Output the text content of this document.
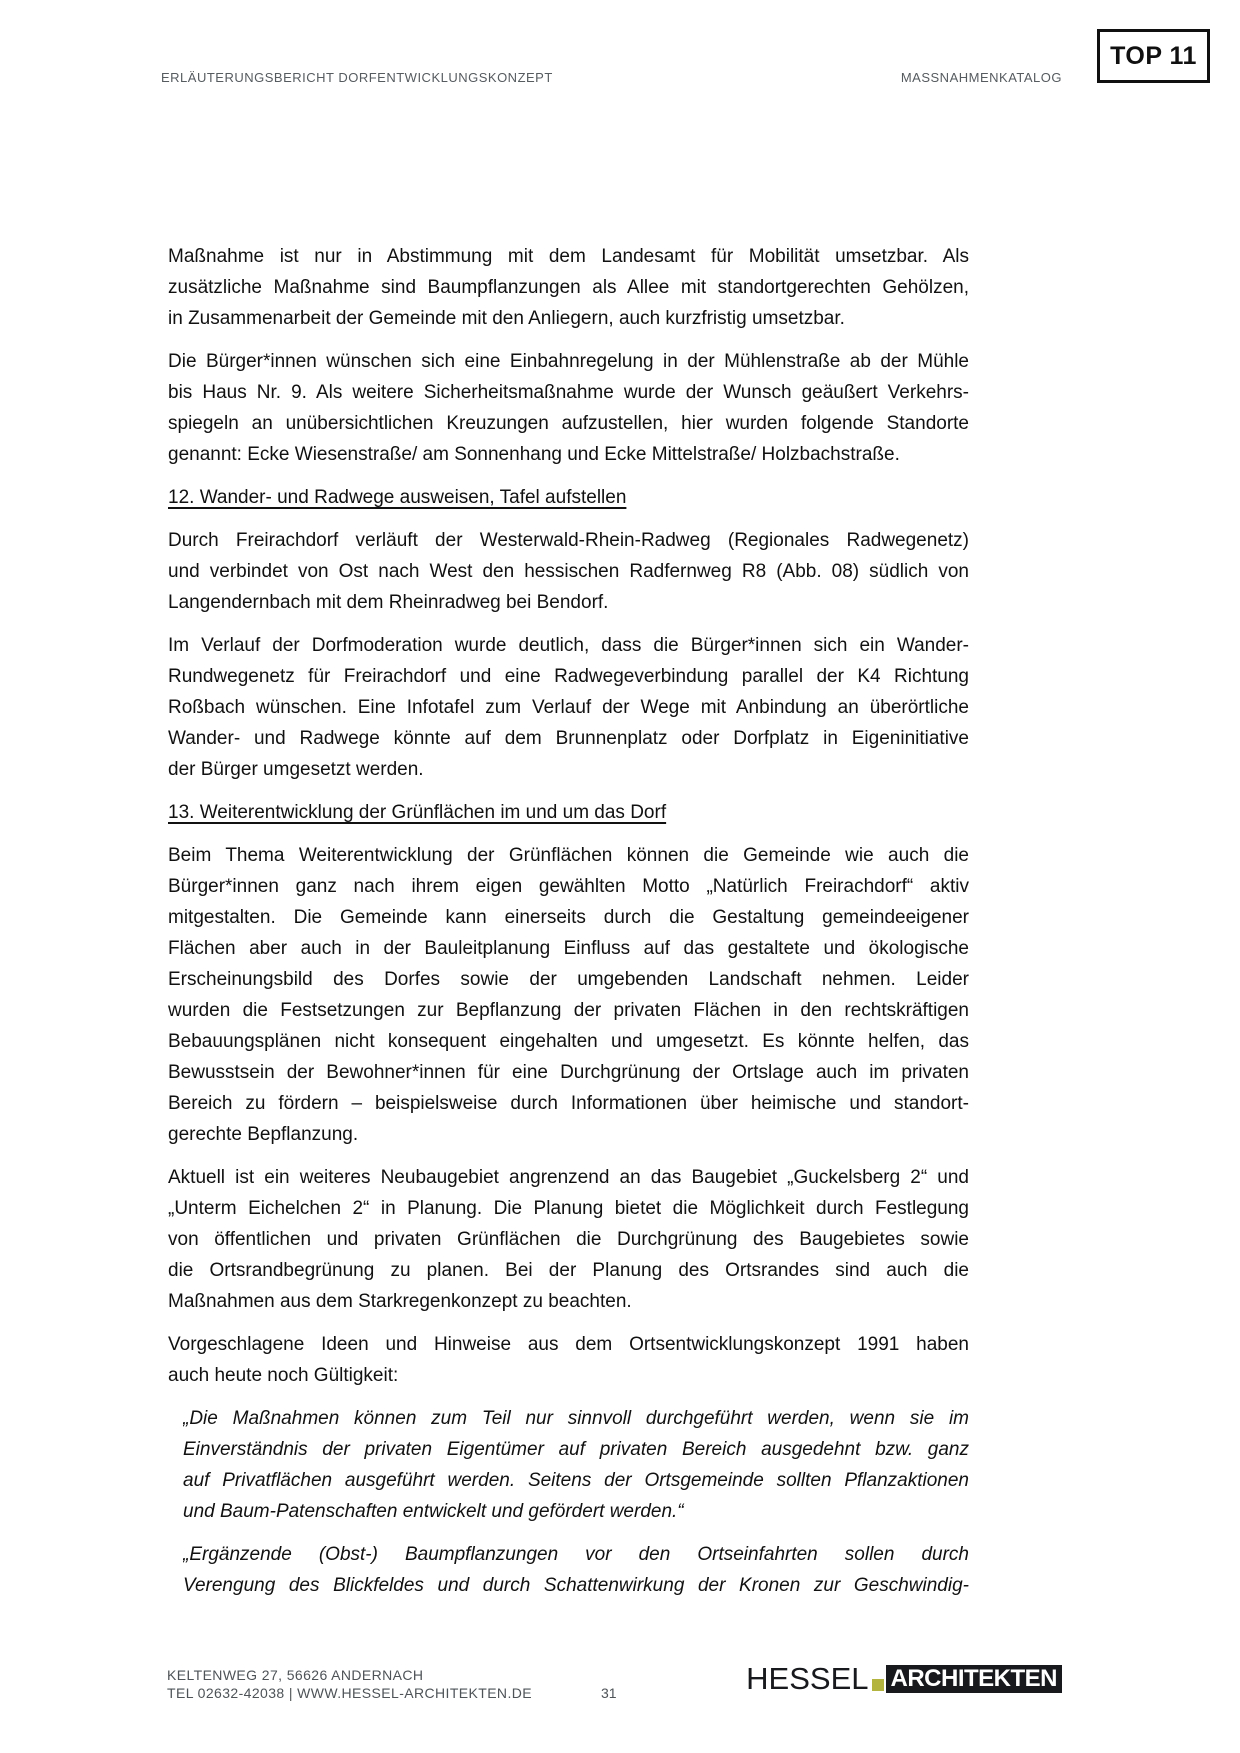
ERLÄUTERUNGSBERICHT DORFENTWICKLUNGSKONZEPT	MASSNAHMENKATALOG
TOP 11
Maßnahme ist nur in Abstimmung mit dem Landesamt für Mobilität umsetzbar. Als
zusätzliche Maßnahme sind Baumpflanzungen als Allee mit standortgerechten Gehölzen,
in Zusammenarbeit der Gemeinde mit den Anliegern, auch kurzfristig umsetzbar.
Die Bürger*innen wünschen sich eine Einbahnregelung in der Mühlenstraße ab der Mühle
bis Haus Nr. 9. Als weitere Sicherheitsmaßnahme wurde der Wunsch geäußert Verkehrs-
spiegeln an unübersichtlichen Kreuzungen aufzustellen, hier wurden folgende Standorte
genannt: Ecke Wiesenstraße/ am Sonnenhang und Ecke Mittelstraße/ Holzbachstraße.
12. Wander- und Radwege ausweisen, Tafel aufstellen
Durch Freirachdorf verläuft der Westerwald-Rhein-Radweg (Regionales Radwegenetz)
und verbindet von Ost nach West den hessischen Radfernweg R8 (Abb. 08) südlich von
Langendernbach mit dem Rheinradweg bei Bendorf.
Im Verlauf der Dorfmoderation wurde deutlich, dass die Bürger*innen sich ein Wander-
Rundwegenetz für Freirachdorf und eine Radwegeverbindung parallel der K4 Richtung
Roßbach wünschen. Eine Infotafel zum Verlauf der Wege mit Anbindung an überörtliche
Wander- und Radwege könnte auf dem Brunnenplatz oder Dorfplatz in Eigeninitiative
der Bürger umgesetzt werden.
13. Weiterentwicklung der Grünflächen im und um das Dorf
Beim Thema Weiterentwicklung der Grünflächen können die Gemeinde wie auch die
Bürger*innen ganz nach ihrem eigen gewählten Motto „Natürlich Freirachdorf“ aktiv
mitgestalten. Die Gemeinde kann einerseits durch die Gestaltung gemeindeeigener
Flächen aber auch in der Bauleitplanung Einfluss auf das gestaltete und ökologische
Erscheinungsbild des Dorfes sowie der umgebenden Landschaft nehmen. Leider
wurden die Festsetzungen zur Bepflanzung der privaten Flächen in den rechtskräftigen
Bebauungsplänen nicht konsequent eingehalten und umgesetzt. Es könnte helfen, das
Bewusstsein der Bewohner*innen für eine Durchgrünung der Ortslage auch im privaten
Bereich zu fördern – beispielsweise durch Informationen über heimische und standort-
gerechte Bepflanzung.
Aktuell ist ein weiteres Neubaugebiet angrenzend an das Baugebiet „Guckelsberg 2“ und
„Unterm Eichelchen 2“ in Planung. Die Planung bietet die Möglichkeit durch Festlegung
von öffentlichen und privaten Grünflächen die Durchgrünung des Baugebietes sowie
die Ortsrandbegrünung zu planen. Bei der Planung des Ortsrandes sind auch die
Maßnahmen aus dem Starkregenkonzept zu beachten.
Vorgeschlagene Ideen und Hinweise aus dem Ortsentwicklungskonzept 1991 haben
auch heute noch Gültigkeit:
„Die Maßnahmen können zum Teil nur sinnvoll durchgeführt werden, wenn sie im
Einverständnis der privaten Eigentümer auf privaten Bereich ausgedehnt bzw. ganz
auf Privatflächen ausgeführt werden. Seitens der Ortsgemeinde sollten Pflanzaktionen
und Baum-Patenschaften entwickelt und gefördert werden.“
„Ergänzende (Obst-) Baumpflanzungen vor den Ortseinfahrten sollen durch
Verengung des Blickfeldes und durch Schattenwirkung der Kronen zur Geschwindig-
KELTENWEG 27, 56626 ANDERNACH
TEL 02632-42038 | WWW.HESSEL-ARCHITEKTEN.DE	31	HESSEL ARCHITEKTEN
